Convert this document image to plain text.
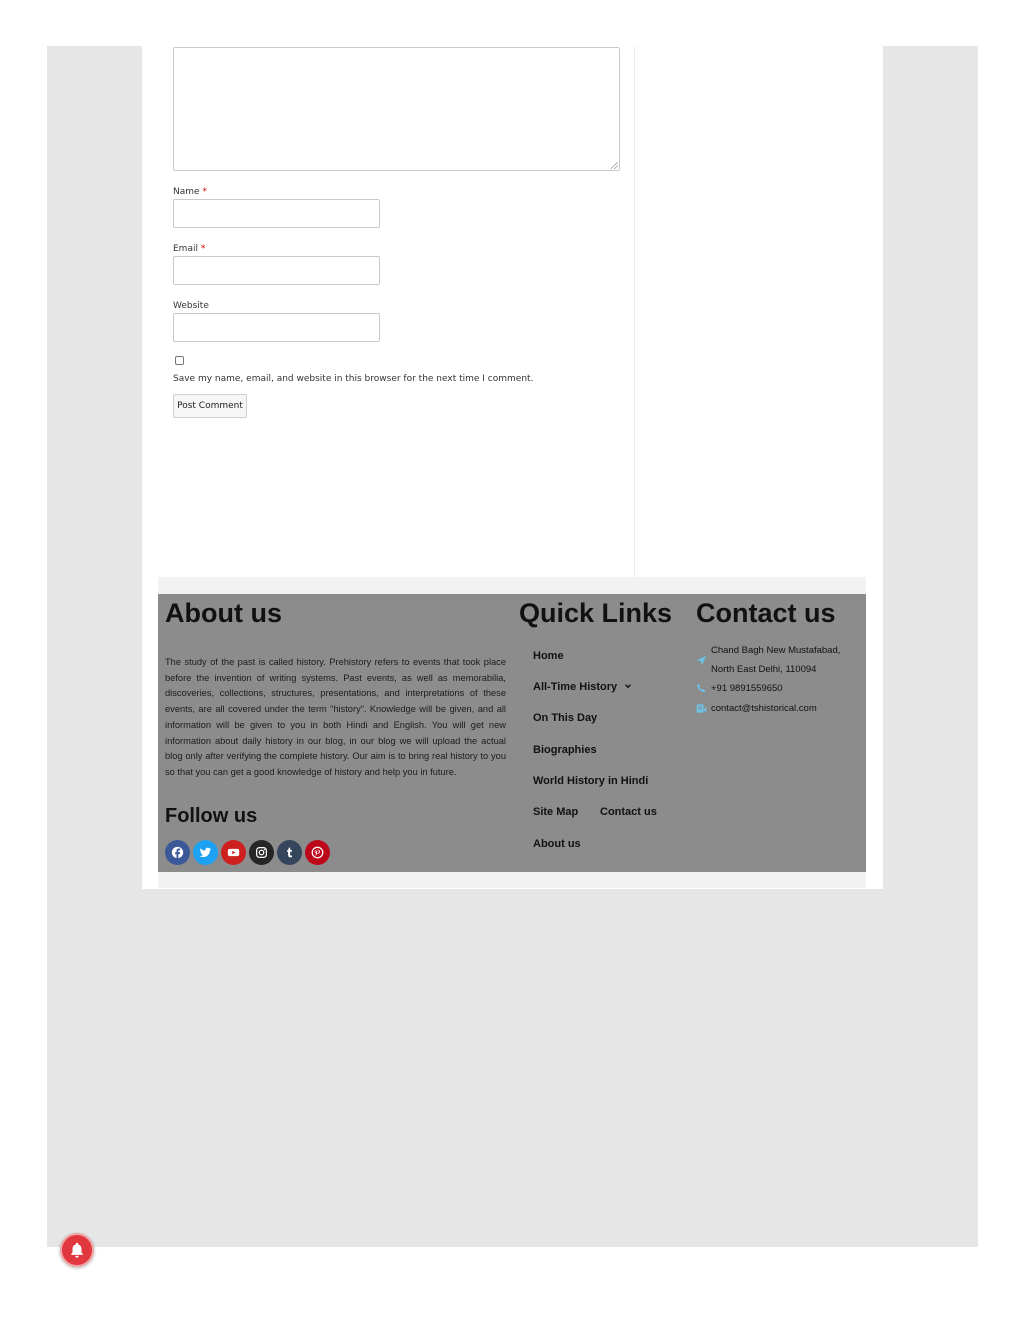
Name *
Email *
Website
Save my name, email, and website in this browser for the next time I comment.
Post Comment
About us
The study of the past is called history. Prehistory refers to events that took place before the invention of writing systems. Past events, as well as memorabilia, discoveries, collections, structures, presentations, and interpretations of these events, are all covered under the term “history”. Knowledge will be given, and all information will be given to you in both Hindi and English. You will get new information about daily history in our blog, in our blog we will upload the actual blog only after verifying the complete history. Our aim is to bring real history to you so that you can get a good knowledge of history and help you in future.
Follow us
Quick Links
Home
All-Time History
On This Day
Biographies
World History in Hindi
Site Map Contact us
About us
Contact us
Chand Bagh New Mustafabad,
North East Delhi, 110094
+91 9891559650
contact@tshistorical.com
